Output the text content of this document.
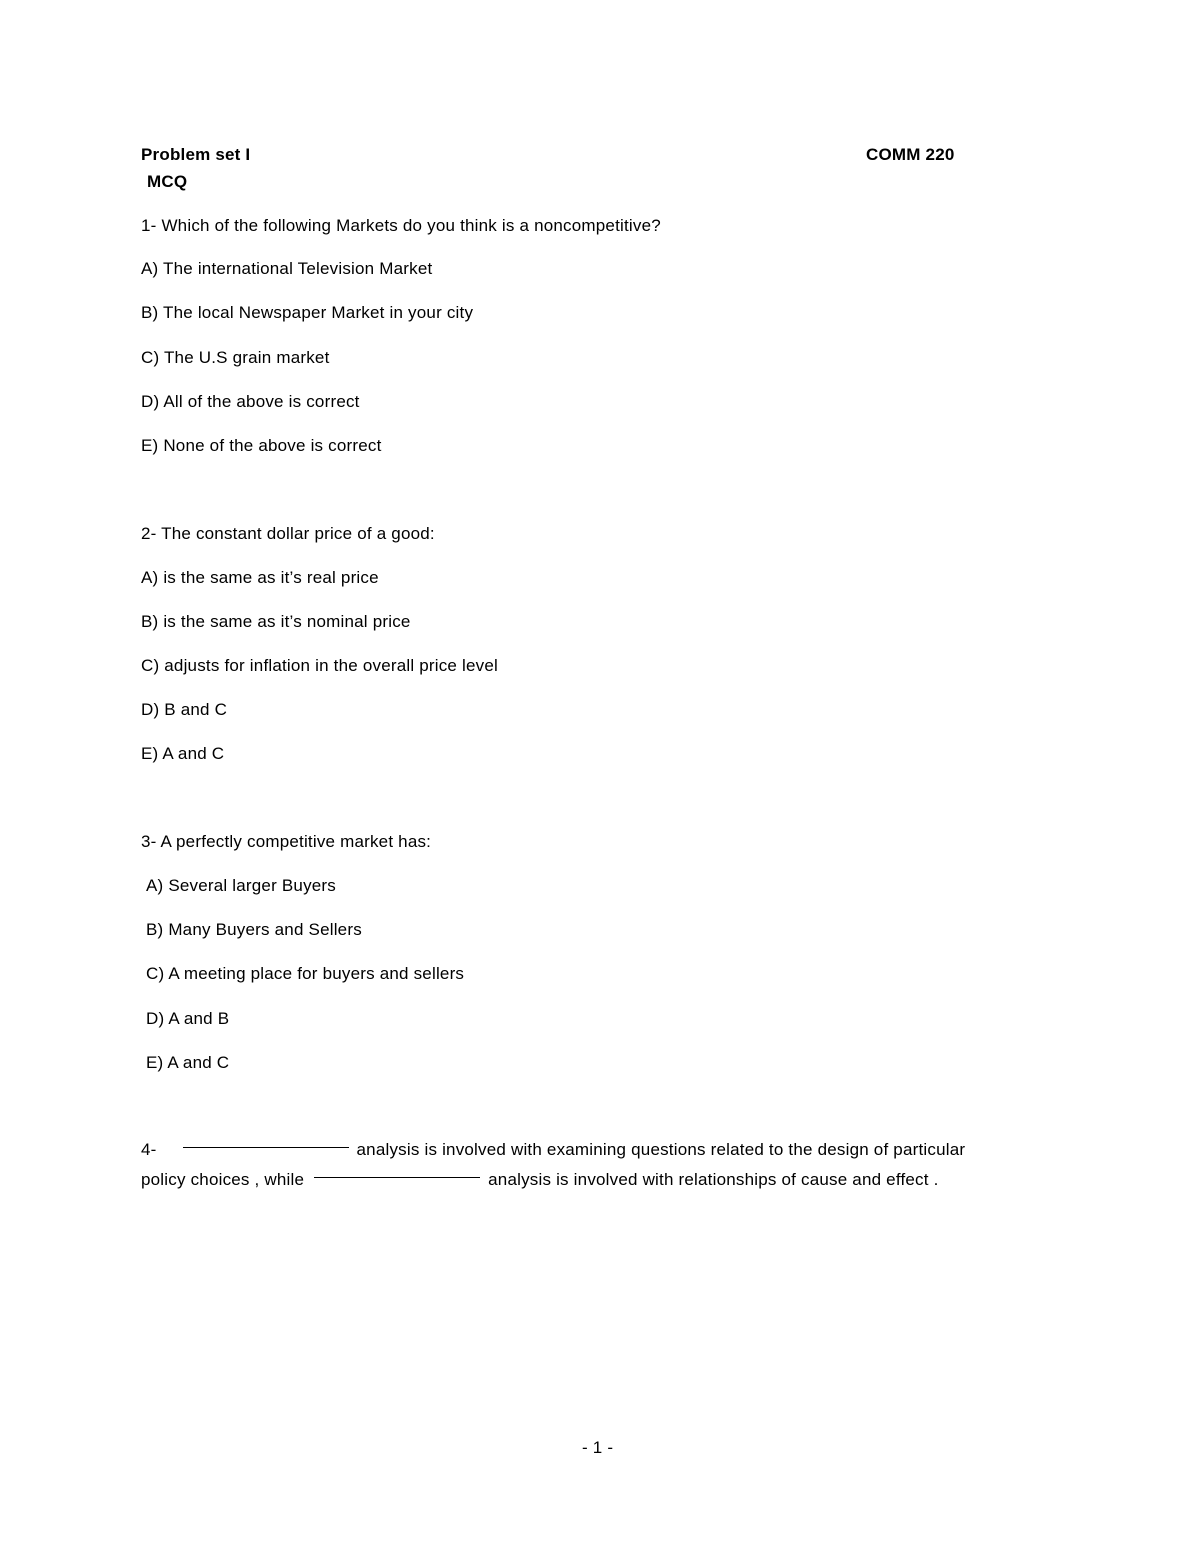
Problem set I	COMM 220
MCQ
1- Which of the following Markets do you think is a noncompetitive?
A) The international Television Market
B) The local Newspaper Market in your city
C) The U.S grain market
D) All of the above is correct
E) None of the above is correct
2- The constant dollar price of a good:
A) is the same as it’s real price
B) is the same as it’s nominal price
C) adjusts for inflation in the overall price level
D) B and C
E) A and C
3- A perfectly competitive market has:
A) Several larger Buyers
B) Many Buyers and Sellers
C) A meeting place for buyers and sellers
D) A and B
E) A and C
4-	analysis is involved with examining questions related to the design of particular
policy choices , while	analysis is involved with relationships of cause and effect .
- 1 -
